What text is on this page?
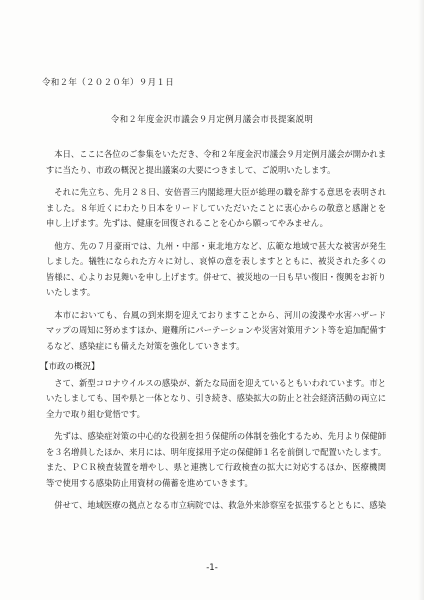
令和２年（２０２０年）９月１日
令和２年度金沢市議会９月定例月議会市長提案説明

本日、ここに各位のご参集をいただき、令和２年度金沢市議会９月定例月議会が開かれますに当たり、市政の概況と提出議案の大要につきまして、ご説明いたします。

それに先立ち、先月２８日、安倍晋三内閣総理大臣が総理の職を辞する意思を表明されました。８年近くにわたり日本をリードしていただいたことに衷心からの敬意と感謝とを申し上げます。先ずは、健康を回復されることを心から願ってやみません。

他方、先の７月豪雨では、九州・中部・東北地方など、広範な地域で甚大な被害が発生しました。犠牲になられた方々に対し、哀悼の意を表しますとともに、被災された多くの皆様に、心よりお見舞いを申し上げます。併せて、被災地の一日も早い復旧・復興をお祈りいたします。

本市においても、台風の到来期を迎えておりますことから、河川の浚渫や水害ハザードマップの周知に努めますほか、避難所にパーテーションや災害対策用テント等を追加配備するなど、感染症にも備えた対策を強化していきます。

【市政の概況】

さて、新型コロナウイルスの感染が、新たな局面を迎えているともいわれています。市といたしましても、国や県と一体となり、引き続き、感染拡大の防止と社会経済活動の両立に全力で取り組む覚悟です。

先ずは、感染症対策の中心的な役割を担う保健所の体制を強化するため、先月より保健師を３名増員したほか、来月には、明年度採用予定の保健師１名を前倒しで配置いたします。また、ＰＣＲ検査装置を増やし、県と連携して行政検査の拡大に対応するほか、医療機関等で使用する感染防止用資材の備蓄を進めていきます。

併せて、地域医療の拠点となる市立病院では、救急外来診察室を拡張するとともに、感染

-1-
